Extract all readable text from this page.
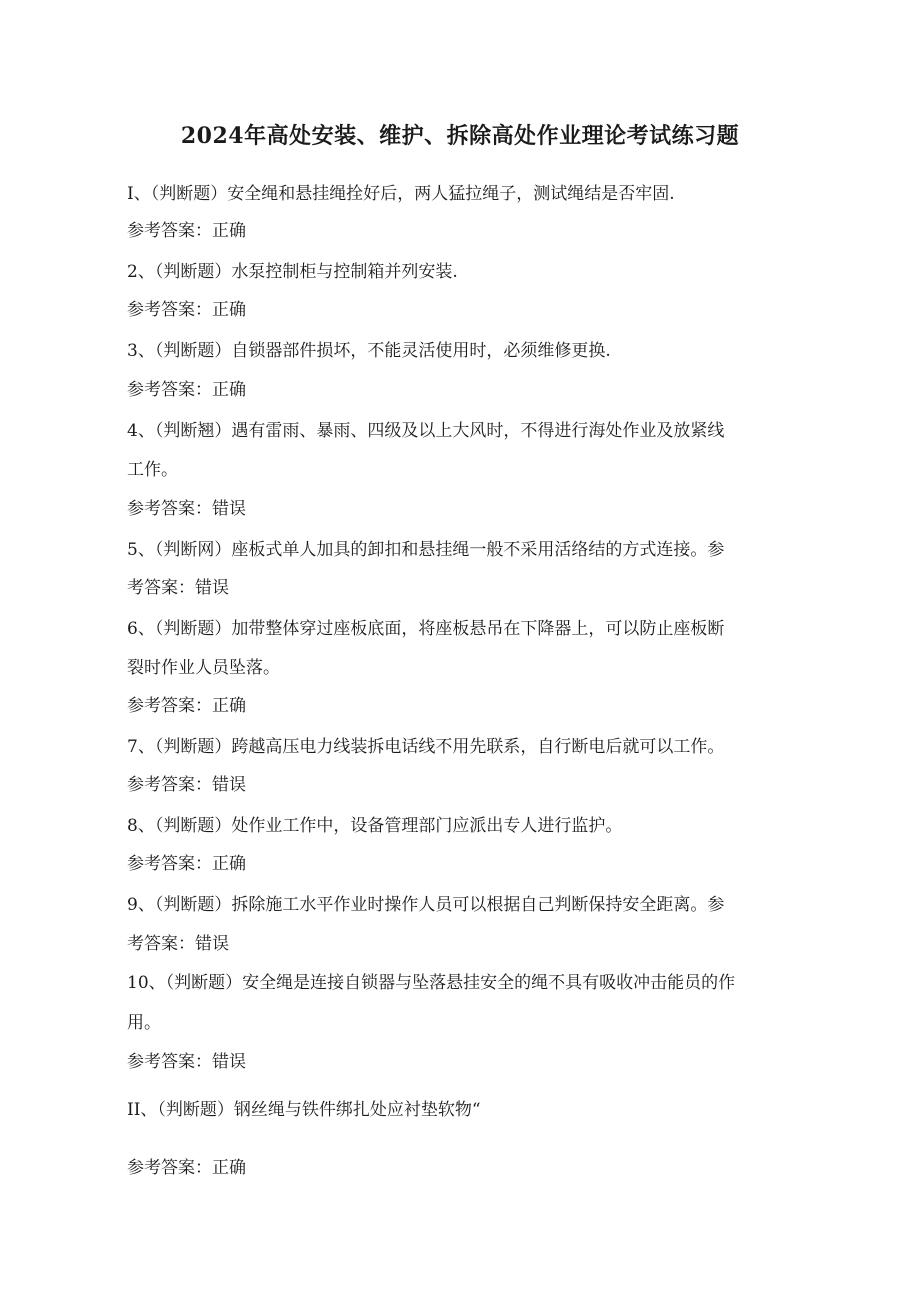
2024年高处安装、维护、拆除高处作业理论考试练习题
I、（判断题）安全绳和悬挂绳拴好后，两人猛拉绳子，测试绳结是否牢固.
参考答案：正确
2、（判断题）水泵控制柜与控制箱并列安装.
参考答案：正确
3、（判断题）自锁器部件损坏，不能灵活使用时，必须维修更换.
参考答案：正确
4、（判断翘）遇有雷雨、暴雨、四级及以上大风时，不得进行海处作业及放紧线
工作。
参考答案：错误
5、（判断网）座板式单人加具的卸扣和悬挂绳一般不采用活络结的方式连接。参
考答案：错误
6、（判断题）加带整体穿过座板底面，将座板悬吊在下降器上，可以防止座板断
裂时作业人员坠落。
参考答案：正确
7、（判断题）跨越高压电力线装拆电话线不用先联系，自行断电后就可以工作。
参考答案：错误
8、（判断题）处作业工作中，设备管理部门应派出专人进行监护。
参考答案：正确
9、（判断题）拆除施工水平作业时操作人员可以根据自己判断保持安全距离。参
考答案：错误
10、（判断题）安全绳是连接自锁器与坠落悬挂安全的绳不具有吸收冲击能员的作
用。
参考答案：错误
II、（判断题）钢丝绳与铁件绑扎处应衬垫软物“
参考答案：正确
